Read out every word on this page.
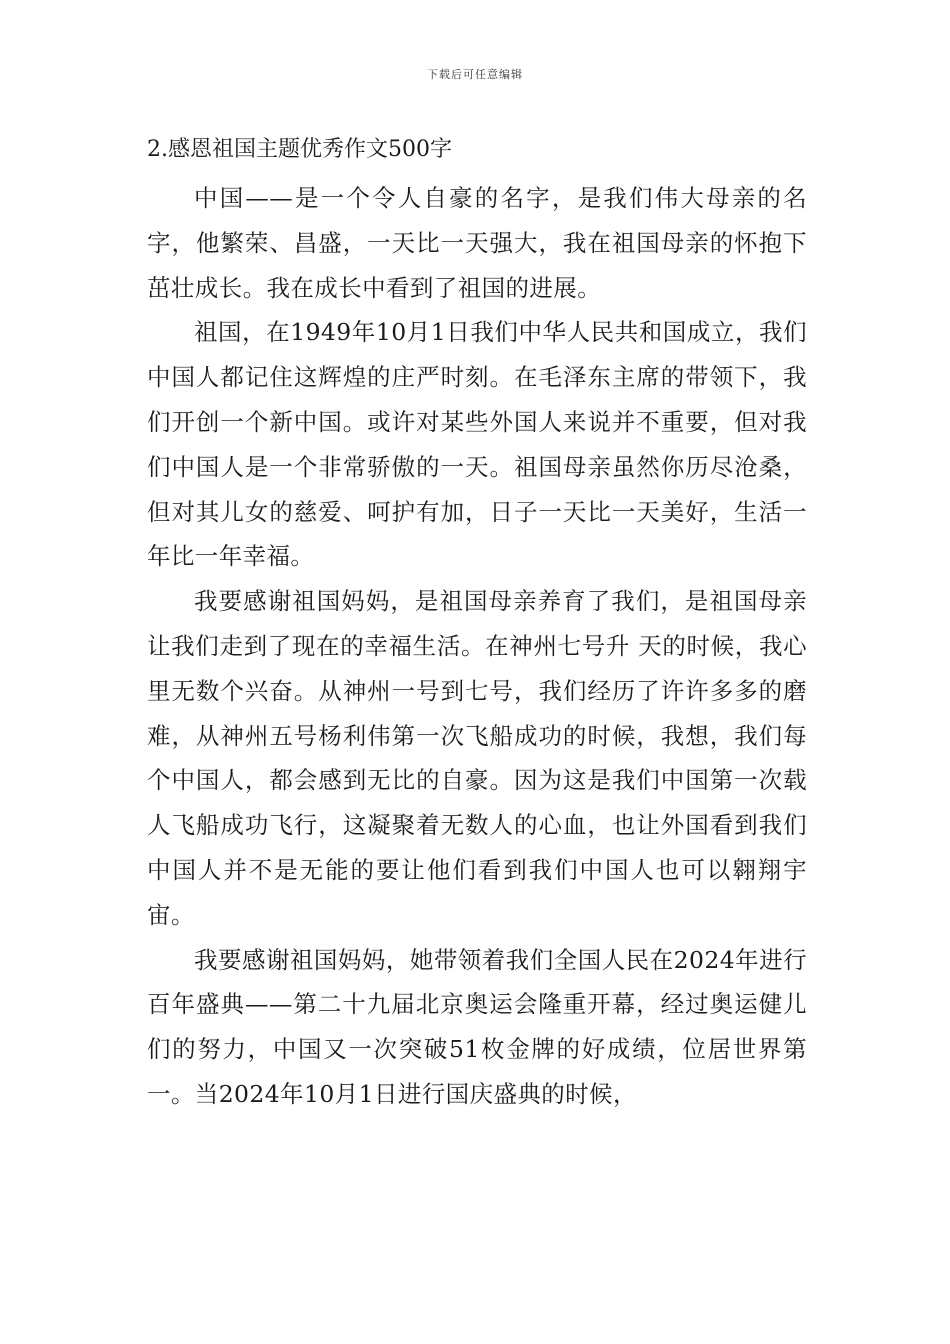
下载后可任意编辑
2.感恩祖国主题优秀作文500字

中国——是一个令人自豪的名字，是我们伟大母亲的名字，他繁荣、昌盛，一天比一天强大，我在祖国母亲的怀抱下茁壮成长。我在成长中看到了祖国的进展。

祖国，在1949年10月1日我们中华人民共和国成立，我们中国人都记住这辉煌的庄严时刻。在毛泽东主席的带领下，我们开创一个新中国。或许对某些外国人来说并不重要，但对我们中国人是一个非常骄傲的一天。祖国母亲虽然你历尽沧桑，但对其儿女的慈爱、呵护有加，日子一天比一天美好，生活一年比一年幸福。

我要感谢祖国妈妈，是祖国母亲养育了我们，是祖国母亲让我们走到了现在的幸福生活。在神州七号升 天的时候，我心里无数个兴奋。从神州一号到七号，我们经历了许许多多的磨难，从神州五号杨利伟第一次飞船成功的时候，我想，我们每个中国人，都会感到无比的自豪。因为这是我们中国第一次载人飞船成功飞行，这凝聚着无数人的心血，也让外国看到我们中国人并不是无能的要让他们看到我们中国人也可以翱翔宇宙。

我要感谢祖国妈妈，她带领着我们全国人民在2024年进行百年盛典——第二十九届北京奥运会隆重开幕，经过奥运健儿们的努力，中国又一次突破51枚金牌的好成绩，位居世界第一。当2024年10月1日进行国庆盛典的时候，
